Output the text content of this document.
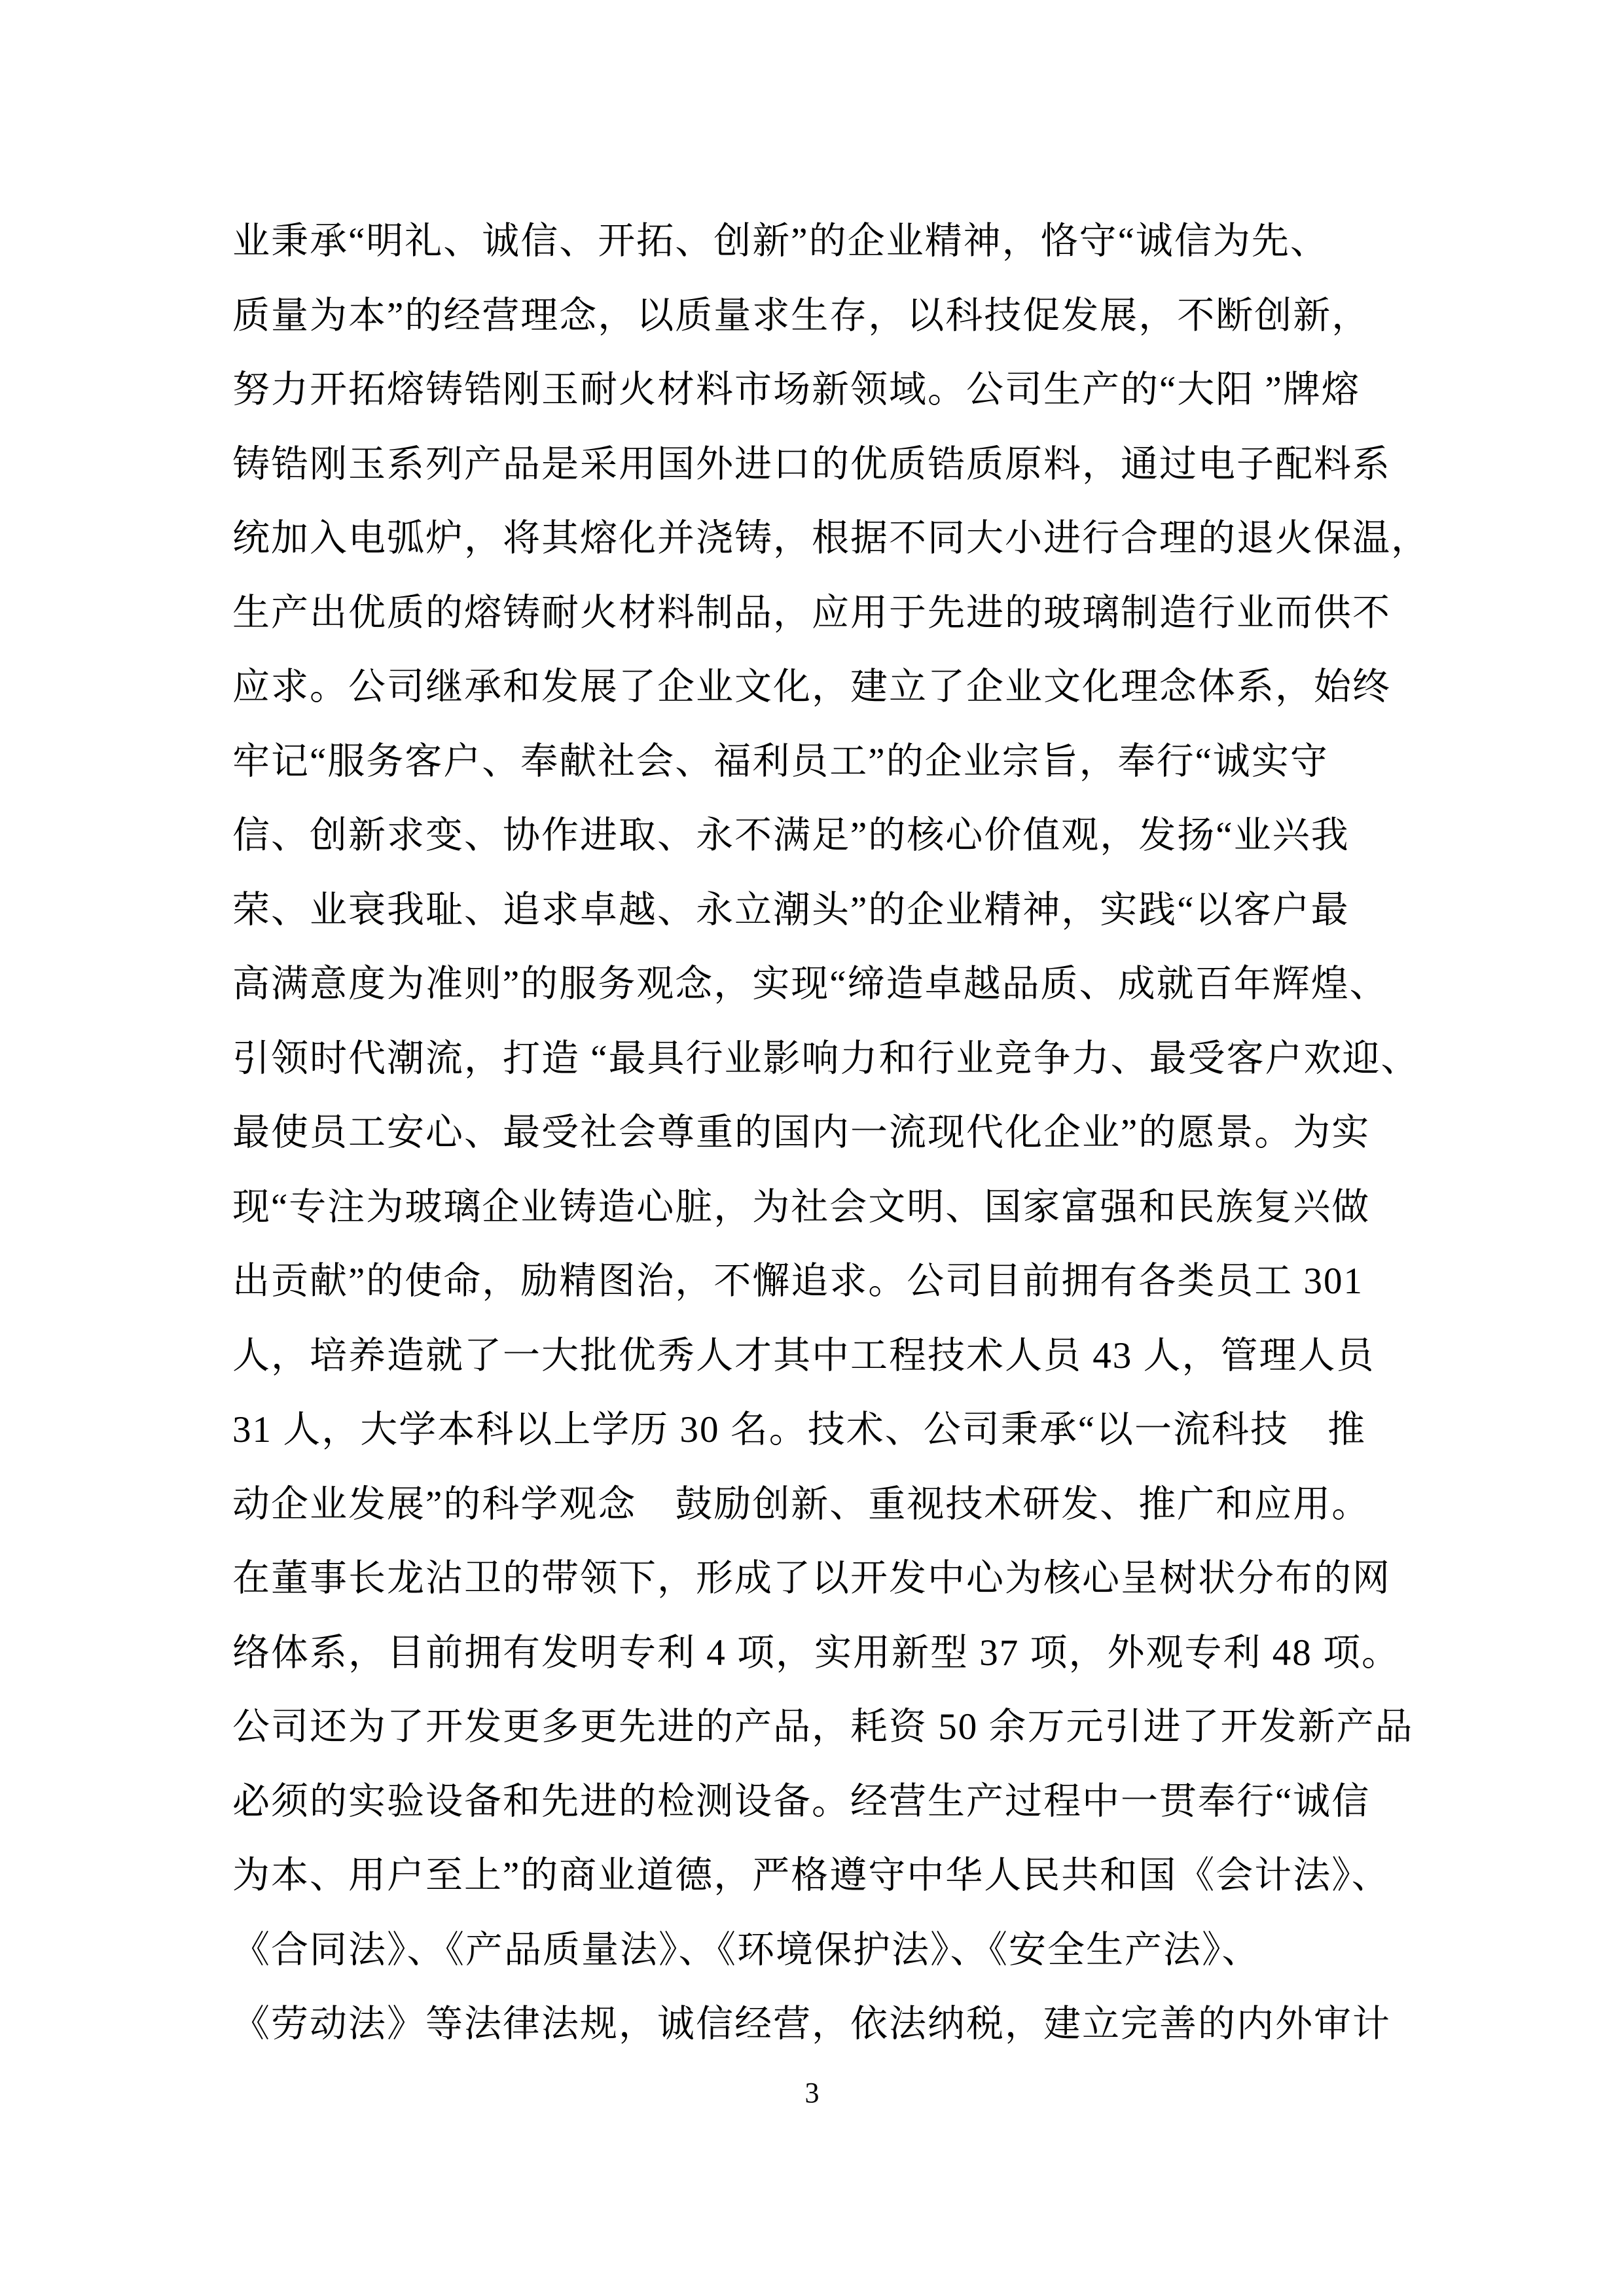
业秉承“明礼、诚信、开拓、创新”的企业精神，恪守“诚信为先、
质量为本”的经营理念，以质量求生存，以科技促发展，不断创新，
努力开拓熔铸锆刚玉耐火材料市场新领域。公司生产的“大阳 ”牌熔
铸锆刚玉系列产品是采用国外进口的优质锆质原料，通过电子配料系
统加入电弧炉，将其熔化并浇铸，根据不同大小进行合理的退火保温，
生产出优质的熔铸耐火材料制品，应用于先进的玻璃制造行业而供不
应求。公司继承和发展了企业文化，建立了企业文化理念体系，始终
牢记“服务客户、奉献社会、福利员工”的企业宗旨，奉行“诚实守
信、创新求变、协作进取、永不满足”的核心价值观，发扬“业兴我
荣、业衰我耻、追求卓越、永立潮头”的企业精神，实践“以客户最
高满意度为准则”的服务观念，实现“缔造卓越品质、成就百年辉煌、
引领时代潮流，打造 “最具行业影响力和行业竞争力、最受客户欢迎、
最使员工安心、最受社会尊重的国内一流现代化企业”的愿景。为实
现“专注为玻璃企业铸造心脏，为社会文明、国家富强和民族复兴做
出贡献”的使命，励精图治，不懈追求。公司目前拥有各类员工 301
人，培养造就了一大批优秀人才其中工程技术人员 43 人，管理人员
31 人，大学本科以上学历 30 名。技术、公司秉承“以一流科技　推
动企业发展”的科学观念　鼓励创新、重视技术研发、推广和应用。
在董事长龙沾卫的带领下，形成了以开发中心为核心呈树状分布的网
络体系，目前拥有发明专利 4 项，实用新型 37 项，外观专利 48 项。
公司还为了开发更多更先进的产品，耗资 50 余万元引进了开发新产品
必须的实验设备和先进的检测设备。经营生产过程中一贯奉行“诚信
为本、用户至上”的商业道德，严格遵守中华人民共和国《会计法》、
《合同法》、《产品质量法》、《环境保护法》、《安全生产法》、
《劳动法》等法律法规，诚信经营，依法纳税，建立完善的内外审计
3
